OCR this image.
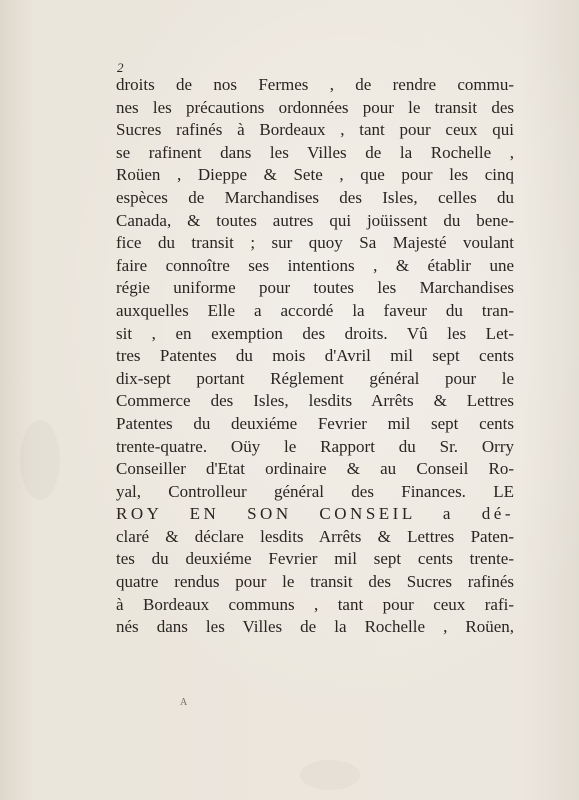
2
droits de nos Fermes , de rendre commu-
nes les précautions ordonnées pour le transit des
Sucres rafinés à Bordeaux , tant pour ceux qui
se rafinent dans les Villes de la Rochelle ,
Roüen , Dieppe & Sete , que pour les cinq
espèces de Marchandises des Isles, celles du
Canada, & toutes autres qui joüissent du bene-
fice du transit ; sur quoy Sa Majesté voulant
faire connoître ses intentions , & établir une
régie uniforme pour toutes les Marchandises
auxquelles Elle a accordé la faveur du tran-
sit , en exemption des droits. Vû les Let-
tres Patentes du mois d'Avril mil sept cents
dix-sept portant Réglement général pour le
Commerce des Isles, lesdits Arrêts & Lettres
Patentes du deuxiéme Fevrier mil sept cents
trente-quatre. Oüy le Rapport du Sr. Orry
Conseiller d'Etat ordinaire & au Conseil Ro-
yal, Controlleur général des Finances. LE
ROY EN SON CONSEIL a dé-
claré & déclare lesdits Arrêts & Lettres Paten-
tes du deuxiéme Fevrier mil sept cents trente-
quatre rendus pour le transit des Sucres rafinés
à Bordeaux communs , tant pour ceux rafi-
nés dans les Villes de la Rochelle , Roüen,
A
